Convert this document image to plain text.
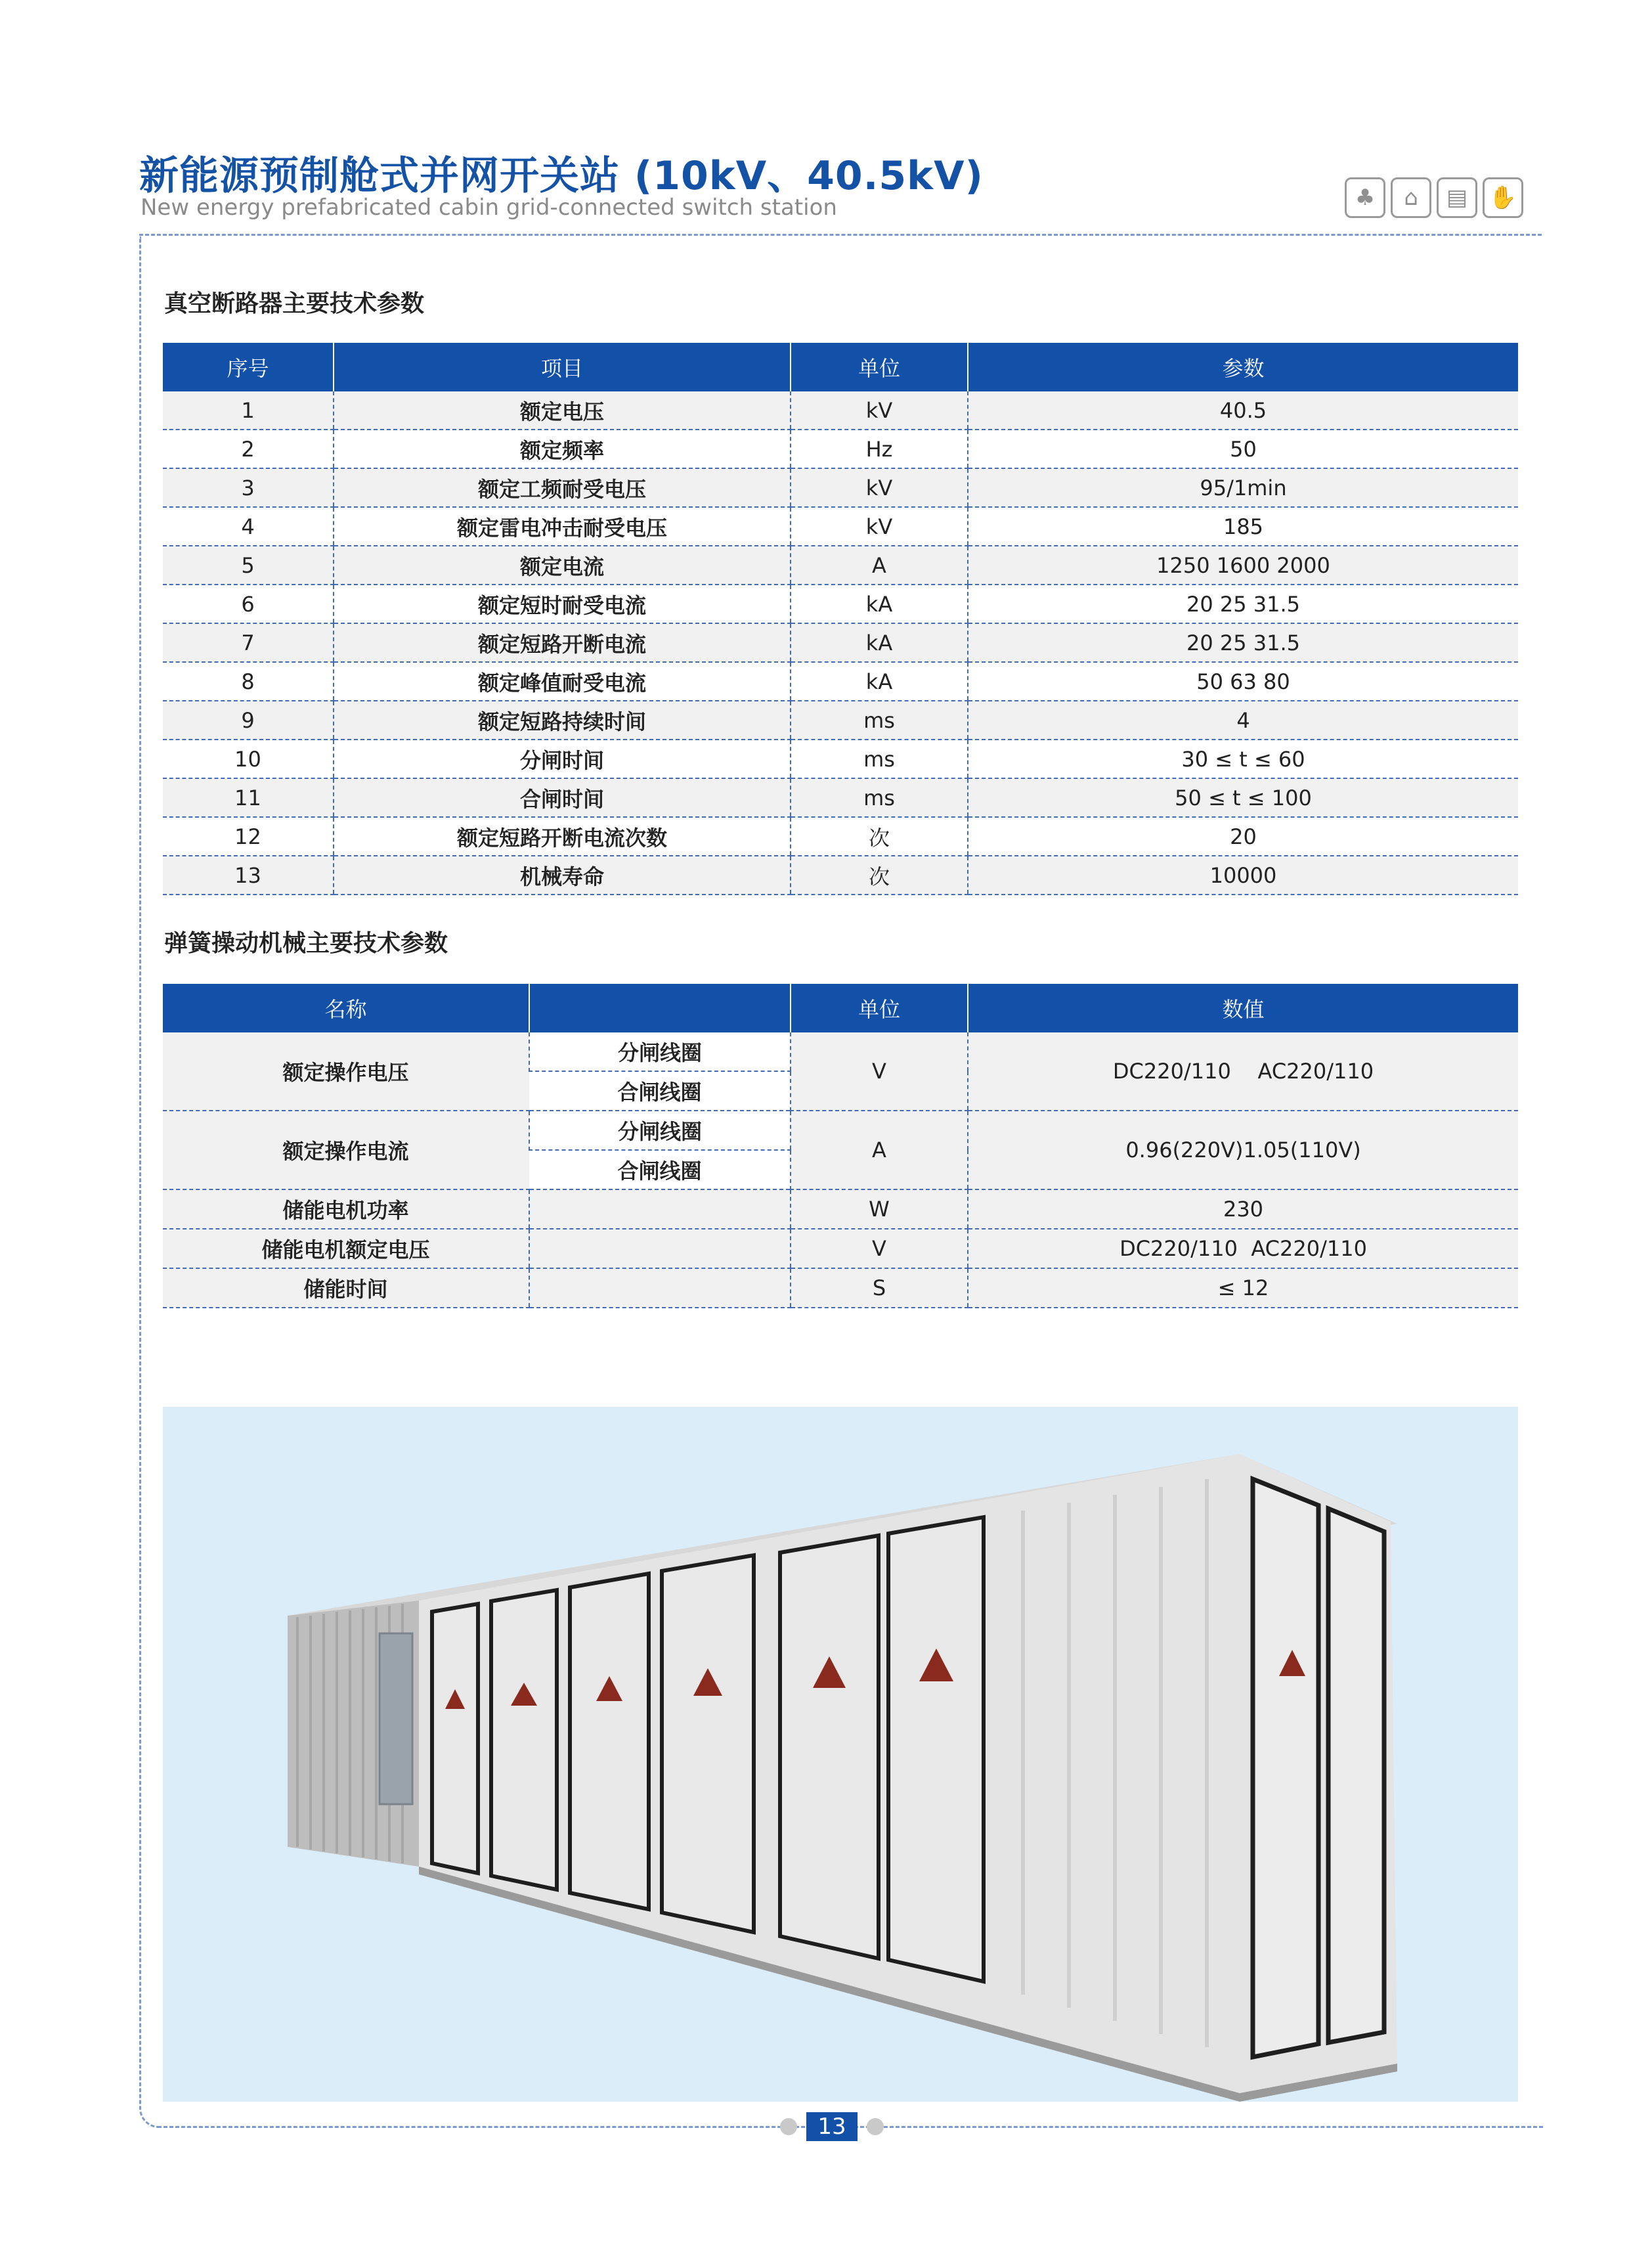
新能源预制舱式并网开关站 (10kV、40.5kV)
New energy prefabricated cabin grid-connected switch station	♣	⌂	▤ ✋
真空断路器主要技术参数
序号	项目	单位	参数
1	额定电压	kV	40.5
2	额定频率	Hz	50
3	额定工频耐受电压	kV	95/1min
4	额定雷电冲击耐受电压	kV	185
5	额定电流	A	1250 1600 2000
6	额定短时耐受电流	kA	20 25 31.5
7	额定短路开断电流	kA	20 25 31.5
8	额定峰值耐受电流	kA	50 63 80
9	额定短路持续时间	ms	4
10	分闸时间	ms	30 ≤ t ≤ 60
11	合闸时间	ms	50 ≤ t ≤ 100
12	额定短路开断电流次数	次	20
13	机械寿命	次	10000
弹簧操动机械主要技术参数
名称		单位	数值
额定操作电压	分闸线圈	V	DC220/110    AC220/110
	合闸线圈		
额定操作电流	分闸线圈	A	0.96(220V)1.05(110V)
	合闸线圈		
储能电机功率		W	230
储能电机额定电压		V	DC220/110  AC220/110
储能时间		S	≤ 12
13
